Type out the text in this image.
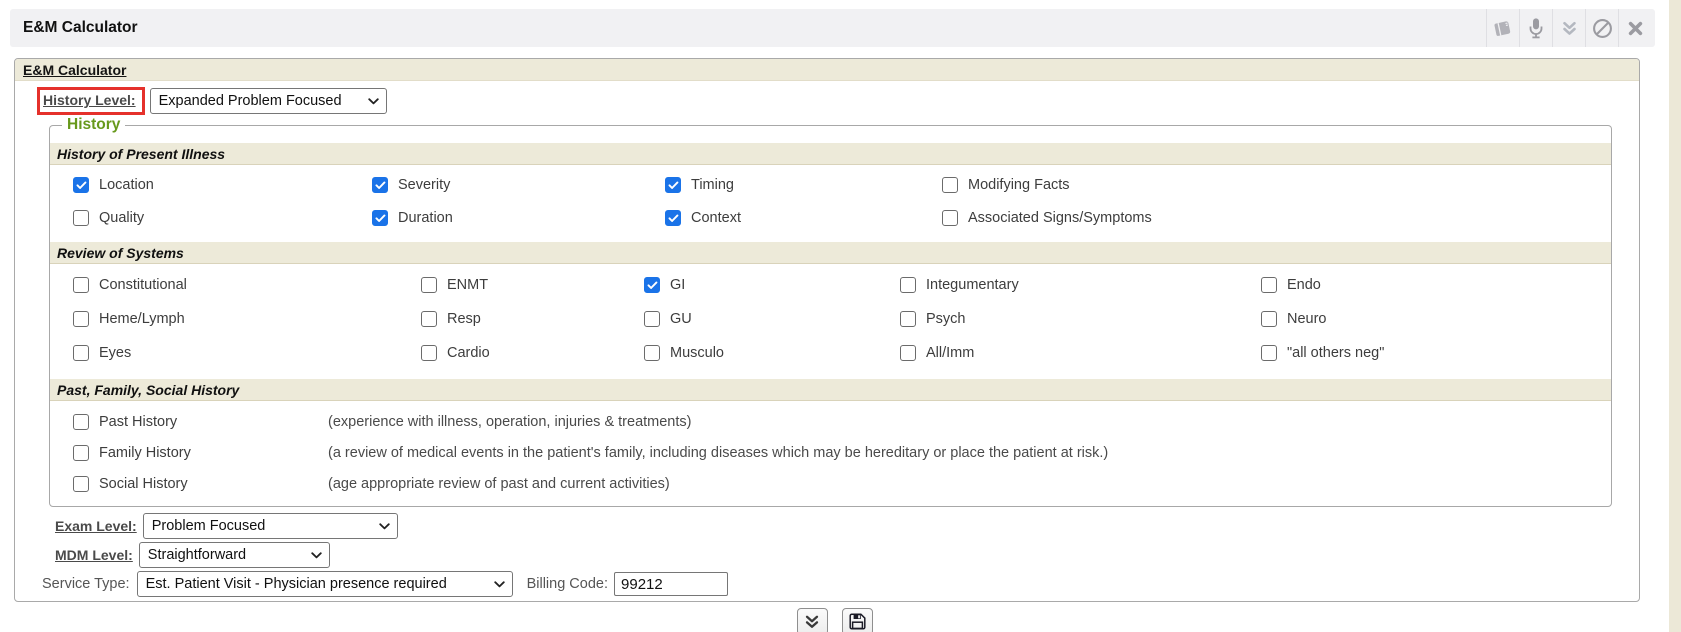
E&M Calculator
E&M Calculator
History Level:	Expanded Problem Focused
History
History of Present Illness
Location	Severity	Timing	Modifying Facts
Quality	Duration	Context	Associated Signs/Symptoms
Review of Systems
Constitutional	ENMT	GI	Integumentary	Endo
Heme/Lymph	Resp	GU	Psych	Neuro
Eyes	Cardio	Musculo	All/Imm	"all others neg"
Past, Family, Social History
Past History	(experience with illness, operation, injuries & treatments)
Family History	(a review of medical events in the patient's family, including diseases which may be hereditary or place the patient at risk.)
Social History	(age appropriate review of past and current activities)
Exam Level: Problem Focused
MDM Level: Straightforward
Service Type: Est. Patient Visit - Physician presence required	Billing Code:
99212
